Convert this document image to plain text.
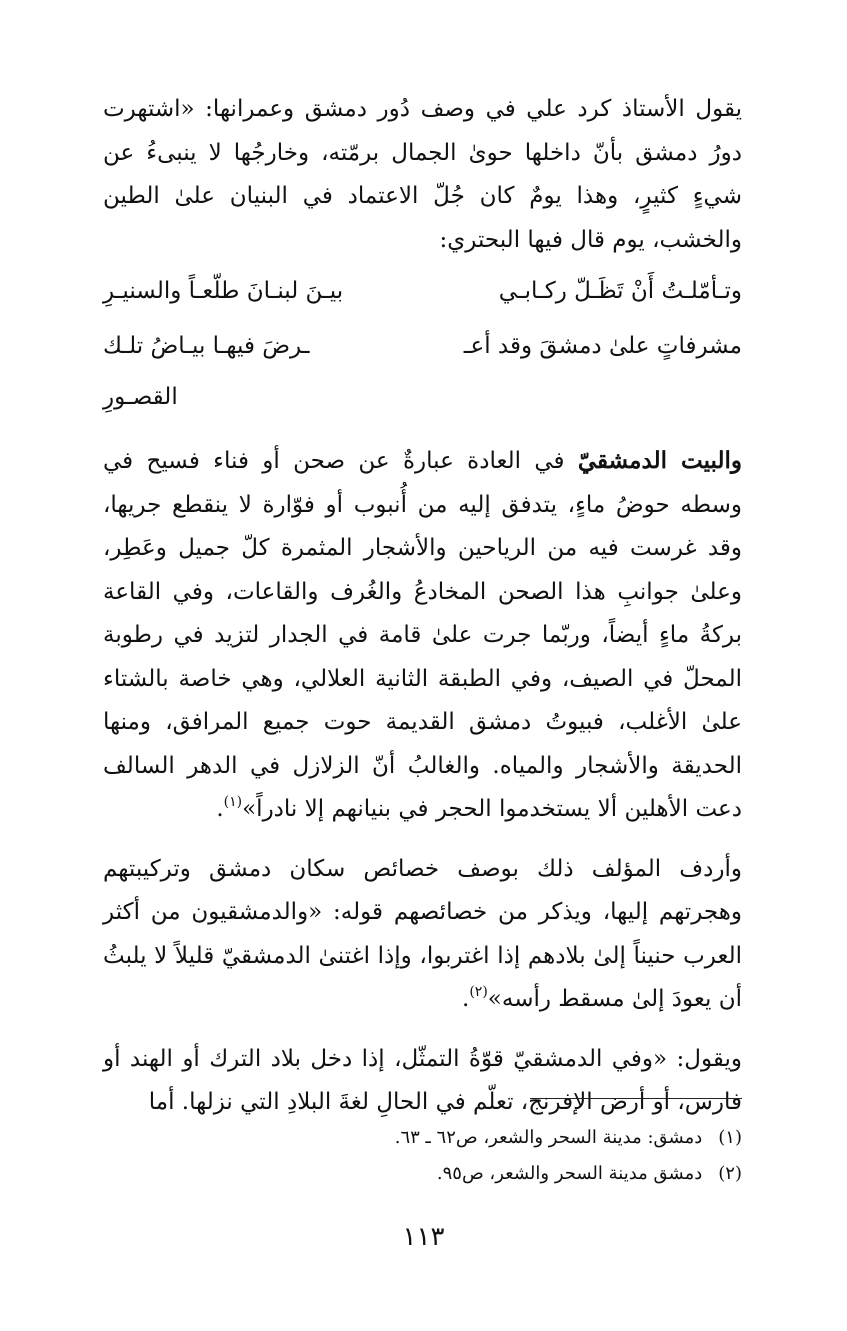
يقول الأستاذ كرد علي في وصف دُور دمشق وعمرانها: «اشتهرت دورُ دمشق بأنّ داخلها حوىٰ الجمال برمّته، وخارجُها لا ينبىءُ عن شيءٍ كثيرٍ، وهذا يومٌ كان جُلّ الاعتماد في البنيان علىٰ الطين والخشب، يوم قال فيها البحتري:

وتـأمّلـتُ أَنْ تَظَـلّ ركـابـي
بيـنَ لبنـانَ طلّعـاً والسنيـرِ
مشرفاتٍ علىٰ دمشقَ وقد أعـ
ـرضَ فيهـا بيـاضُ تلـك القصـورِ

والبيت الدمشقيّ في العادة عبارةٌ عن صحن أو فناء فسيح في وسطه حوضُ ماءٍ، يتدفق إليه من أُنبوب أو فوّارة لا ينقطع جريها، وقد غرست فيه من الرياحين والأشجار المثمرة كلّ جميل وعَطِر، وعلىٰ جوانبِ هذا الصحن المخادعُ والغُرف والقاعات، وفي القاعة بركةُ ماءٍ أيضاً، وربّما جرت علىٰ قامة في الجدار لتزيد في رطوبة المحلّ في الصيف، وفي الطبقة الثانية العلالي، وهي خاصة بالشتاء علىٰ الأغلب، فبيوتُ دمشق القديمة حوت جميع المرافق، ومنها الحديقة والأشجار والمياه. والغالبُ أنّ الزلازل في الدهر السالف دعت الأهلين ألا يستخدموا الحجر في بنيانهم إلا نادراً»$^{(١)}$.

وأردف المؤلف ذلك بوصف خصائص سكان دمشق وتركيبتهم وهجرتهم إليها، ويذكر من خصائصهم قوله: «والدمشقيون من أكثر العرب حنيناً إلىٰ بلادهم إذا اغتربوا، وإذا اغتنىٰ الدمشقيّ قليلاً لا يلبثُ أن يعودَ إلىٰ مسقط رأسه»$^{(٢)}$.

ويقول: «وفي الدمشقيّ قوّةُ التمثّل، إذا دخل بلاد الترك أو الهند أو فارس، أو أرض الإفرنج، تعلّم في الحالِ لغةَ البلادِ التي نزلها. أما

(١)دمشق: مدينة السحر والشعر، ص٦٢ ـ ٦٣.
(٢)دمشق مدينة السحر والشعر، ص٩٥.
١١٣
